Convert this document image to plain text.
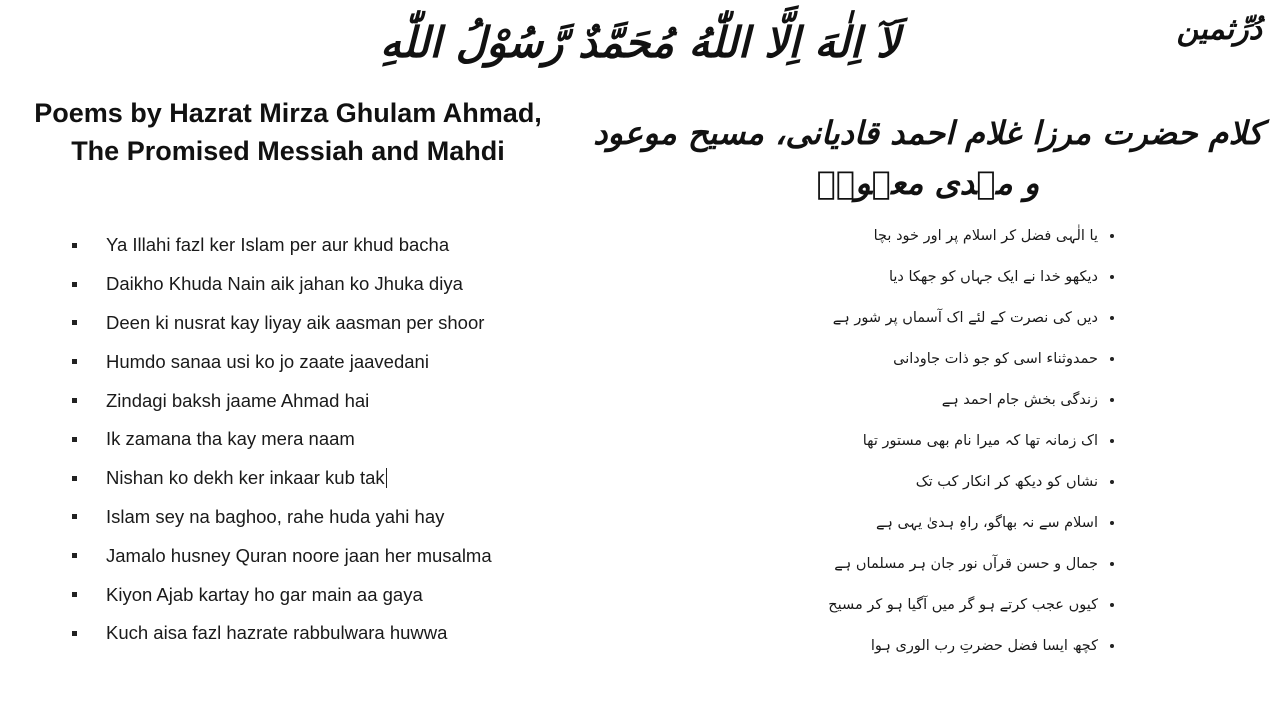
لَآ اِلٰهَ اِلَّا اللّٰهُ مُحَمَّدٌ رَّسُوْلُ اللّٰهِ	دُرِّثمین
Poems by Hazrat Mirza Ghulam Ahmad,
The Promised Messiah and Mahdi	کلام حضرت مرزا غلام احمد قادیانی، مسیح موعود و مہدی معہودؑ
Ya Illahi fazl ker Islam per aur khud bacha
Daikho Khuda Nain aik jahan ko Jhuka diya
Deen ki nusrat kay liyay aik aasman per shoor
Humdo sanaa usi ko jo zaate jaavedani
Zindagi baksh jaame Ahmad hai
Ik zamana tha kay mera naam
Nishan ko dekh ker inkaar kub tak
Islam sey na baghoo, rahe huda yahi hay
Jamalo husney Quran noore jaan her musalma
Kiyon Ajab kartay ho gar main aa gaya
Kuch aisa fazl hazrate rabbulwara huwwa
یا الٰہی فضل کر اسلام پر اور خود بچا
دیکھو خدا نے ایک جہاں کو جھکا دیا
دیں کی نصرت کے لئے اک آسماں پر شور ہے
حمدوثناء اسی کو جو ذات جاودانی
زندگی بخش جام احمد ہے
اک زمانہ تھا کہ میرا نام بھی مستور تھا
نشاں کو دیکھ کر انکار کب تک
اسلام سے نہ بھاگو، راہِ ہدیٰ یہی ہے
جمال و حسن قرآں نور جان ہر مسلماں ہے
کیوں عجب کرتے ہو گر میں آگیا ہو کر مسیح
کچھ ایسا فضل حضرتِ رب الوری ہوا
